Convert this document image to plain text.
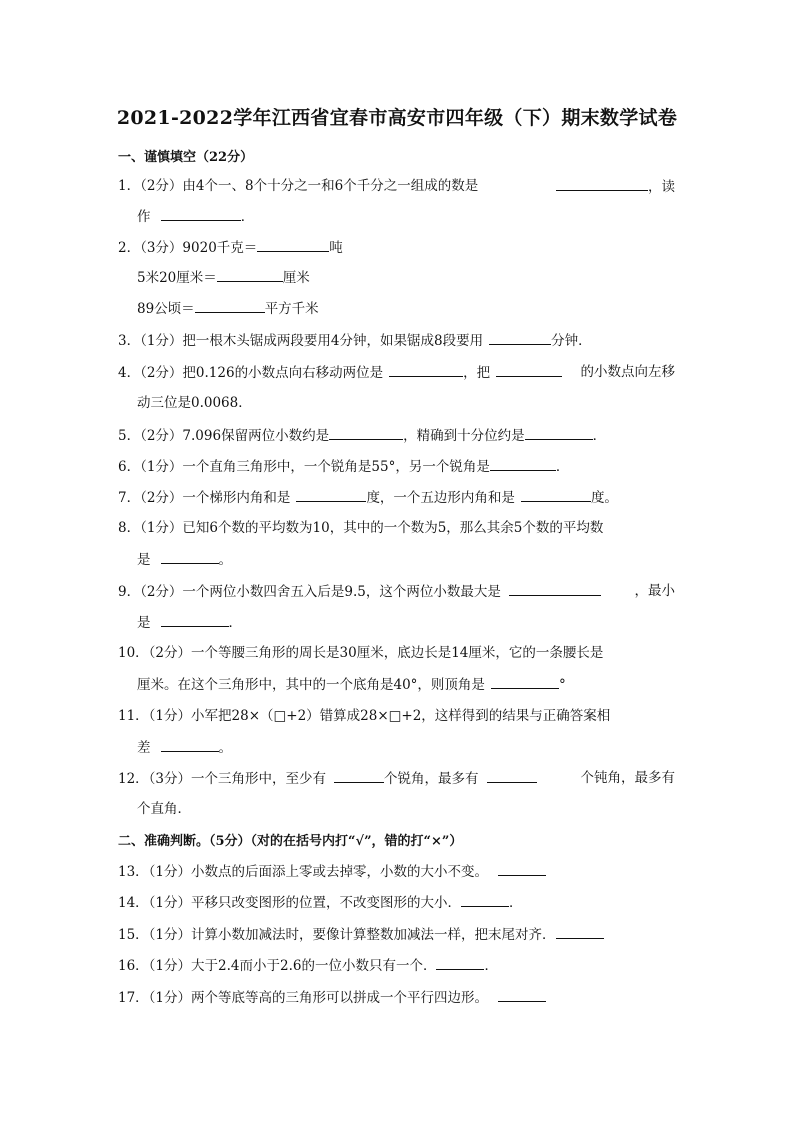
2021-2022学年江西省宜春市高安市四年级（下）期末数学试卷
一、谨慎填空（22分）
1．（2分）由4个一、8个十分之一和6个千分之一组成的数是	，读
作	．
2．（3分）9020千克＝	吨
5米20厘米＝	厘米
89公顷＝	平方千米
3．（1分）把一根木头锯成两段要用4分钟，如果锯成8段要用	分钟．
4．（2分）把0.126的小数点向右移动两位是	，把	的小数点向左移
动三位是0.0068．
5．（2分）7.096保留两位小数约是	，精确到十分位约是	．
6．（1分）一个直角三角形中，一个锐角是55°，另一个锐角是	．
7．（2分）一个梯形内角和是	度，一个五边形内角和是	度。
8．（1分）已知6个数的平均数为10，其中的一个数为5，那么其余5个数的平均数
是	。
9．（2分）一个两位小数四舍五入后是9.5，这个两位小数最大是	，最小
是	．
10．（2分）一个等腰三角形的周长是30厘米，底边长是14厘米，它的一条腰长是
厘米。在这个三角形中，其中的一个底角是40°，则顶角是	°
11．（1分）小军把28×（□+2）错算成28×□+2，这样得到的结果与正确答案相
差	。
12．（3分）一个三角形中，至少有	个锐角，最多有	个钝角，最多有
个直角．
二、准确判断。（5分）（对的在括号内打“√”，错的打“×”）
13．（1分）小数点的后面添上零或去掉零，小数的大小不变。
14．（1分）平移只改变图形的位置，不改变图形的大小．	．
15．（1分）计算小数加减法时，要像计算整数加减法一样，把末尾对齐．
16．（1分）大于2.4而小于2.6的一位小数只有一个．	．
17．（1分）两个等底等高的三角形可以拼成一个平行四边形。
